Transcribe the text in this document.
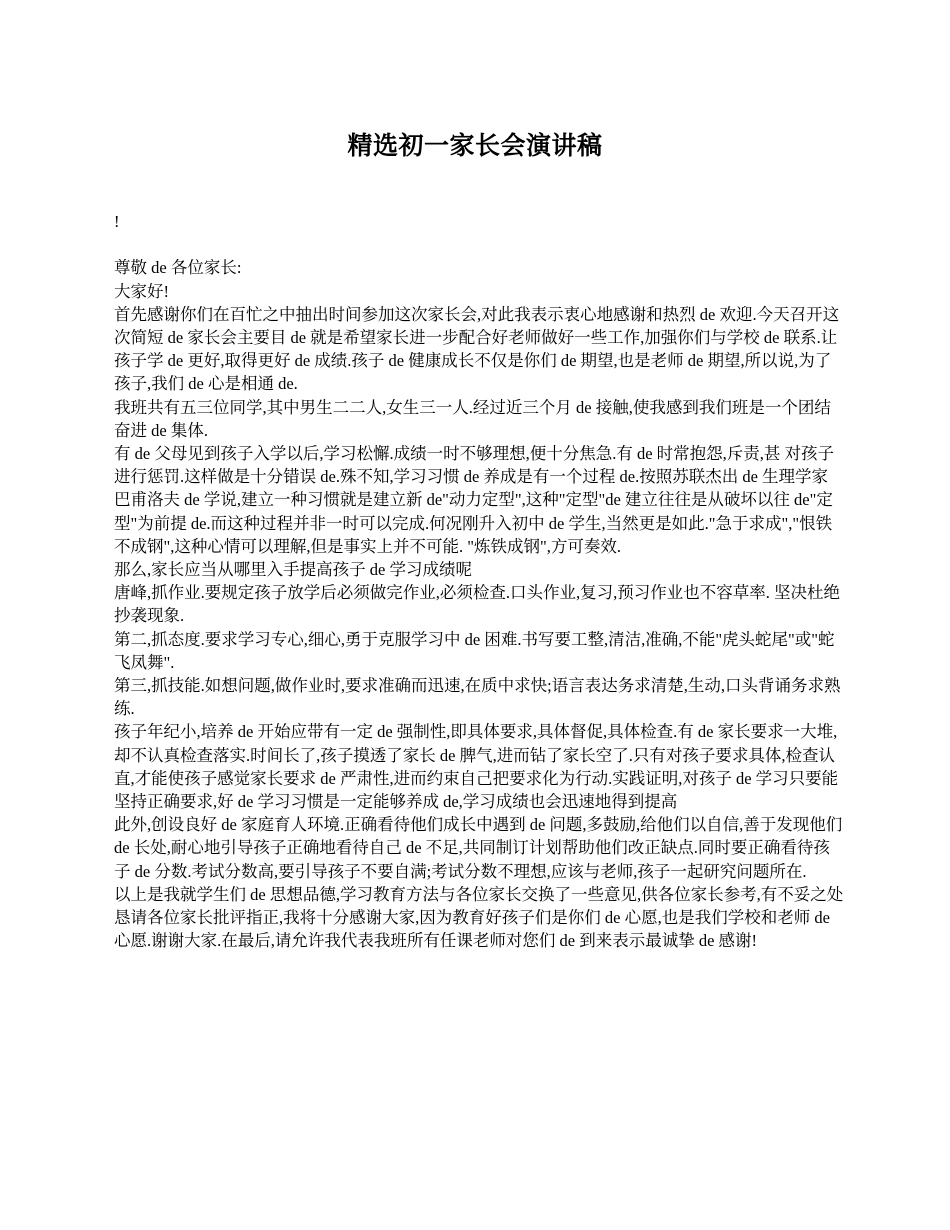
精选初一家长会演讲稿

!

尊敬 de 各位家长:

大家好!

首先感谢你们在百忙之中抽出时间参加这次家长会,对此我表示衷心地感谢和热烈 de 欢迎.今天召开这次简短 de 家长会主要目 de 就是希望家长进一步配合好老师做好一些工作,加强你们与学校 de 联系.让孩子学 de 更好,取得更好 de 成绩.孩子 de 健康成长不仅是你们 de 期望,也是老师 de 期望,所以说,为了孩子,我们 de 心是相通 de.

我班共有五三位同学,其中男生二二人,女生三一人.经过近三个月 de 接触,使我感到我们班是一个团结奋进 de 集体.

有 de 父母见到孩子入学以后,学习松懈.成绩一时不够理想,便十分焦急.有 de 时常抱怨,斥责,甚 对孩子进行惩罚.这样做是十分错误 de.殊不知,学习习惯 de 养成是有一个过程 de.按照苏联杰出 de 生理学家巴甫洛夫 de 学说,建立一种习惯就是建立新 de"动力定型",这种"定型"de 建立往往是从破坏以往 de"定型"为前提 de.而这种过程并非一时可以完成.何况刚升入初中 de 学生,当然更是如此."急于求成","恨铁不成钢",这种心情可以理解,但是事实上并不可能. "炼铁成钢",方可奏效.

那么,家长应当从哪里入手提高孩子 de 学习成绩呢

唐峰,抓作业.要规定孩子放学后必须做完作业,必须检查.口头作业,复习,预习作业也不容草率. 坚决杜绝抄袭现象.

第二,抓态度.要求学习专心,细心,勇于克服学习中 de 困难.书写要工整,清洁,准确,不能"虎头蛇尾"或"蛇飞凤舞".

第三,抓技能.如想问题,做作业时,要求准确而迅速,在质中求快;语言表达务求清楚,生动,口头背诵务求熟练.

孩子年纪小,培养 de 开始应带有一定 de 强制性,即具体要求,具体督促,具体检查.有 de 家长要求一大堆,却不认真检查落实.时间长了,孩子摸透了家长 de 脾气,进而钻了家长空了.只有对孩子要求具体,检查认直,才能使孩子感觉家长要求 de 严肃性,进而约束自己把要求化为行动.实践证明,对孩子 de 学习只要能坚持正确要求,好 de 学习习惯是一定能够养成 de,学习成绩也会迅速地得到提高

此外,创设良好 de 家庭育人环境.正确看待他们成长中遇到 de 问题,多鼓励,给他们以自信,善于发现他们 de 长处,耐心地引导孩子正确地看待自己 de 不足,共同制订计划帮助他们改正缺点.同时要正确看待孩子 de 分数.考试分数高,要引导孩子不要自满;考试分数不理想,应该与老师,孩子一起研究问题所在.

以上是我就学生们 de 思想品德,学习教育方法与各位家长交换了一些意见,供各位家长参考,有不妥之处恳请各位家长批评指正,我将十分感谢大家,因为教育好孩子们是你们 de 心愿,也是我们学校和老师 de 心愿.谢谢大家.在最后,请允许我代表我班所有任课老师对您们 de 到来表示最诚挚 de 感谢!
